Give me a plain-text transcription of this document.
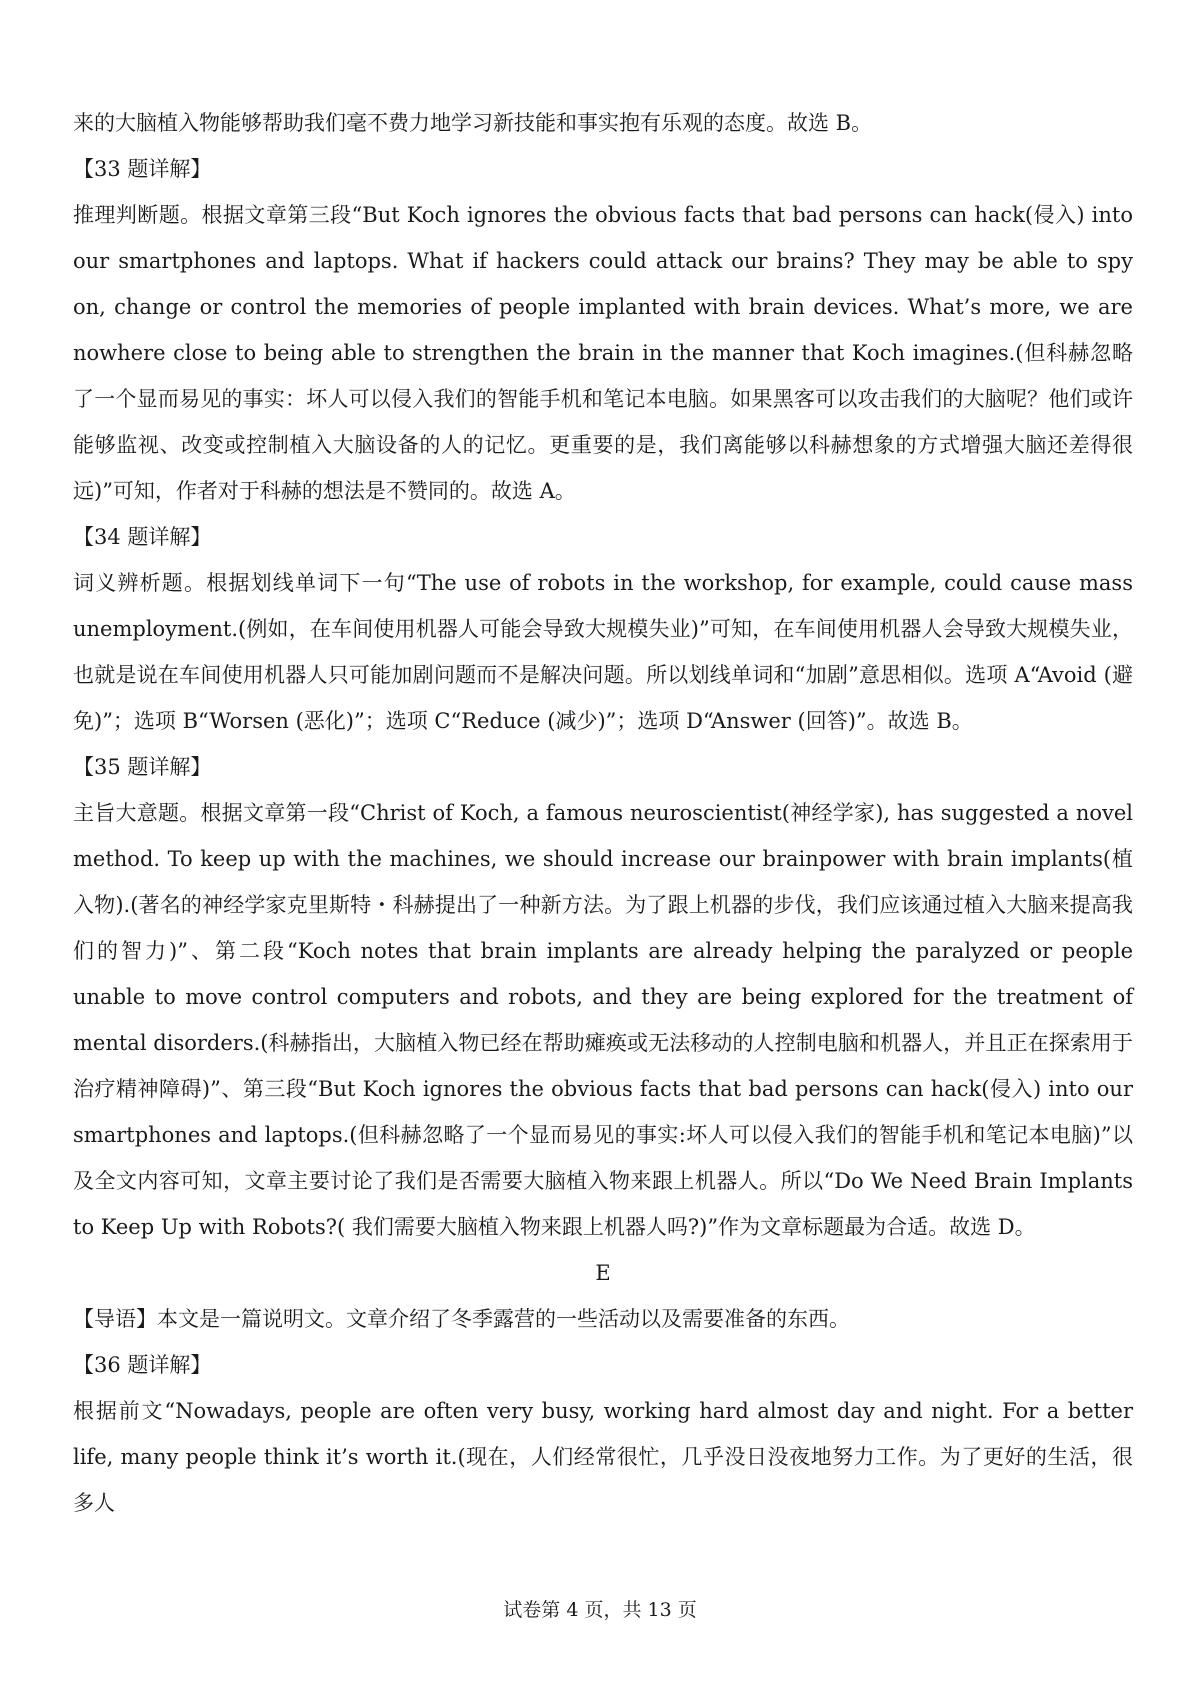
来的大脑植入物能够帮助我们毫不费力地学习新技能和事实抱有乐观的态度。故选 B。

【33 题详解】

推理判断题。根据文章第三段“But Koch ignores the obvious facts that bad persons can hack(侵入) into our smartphones and laptops. What if hackers could attack our brains? They may be able to spy on, change or control the memories of people implanted with brain devices. What’s more, we are nowhere close to being able to strengthen the brain in the manner that Koch imagines.(但科赫忽略了一个显而易见的事实：坏人可以侵入我们的智能手机和笔记本电脑。如果黑客可以攻击我们的大脑呢？他们或许能够监视、改变或控制植入大脑设备的人的记忆。更重要的是，我们离能够以科赫想象的方式增强大脑还差得很远)”可知，作者对于科赫的想法是不赞同的。故选 A。

【34 题详解】

词义辨析题。根据划线单词下一句“The use of robots in the workshop, for example, could cause mass unemployment.(例如，在车间使用机器人可能会导致大规模失业)”可知，在车间使用机器人会导致大规模失业，也就是说在车间使用机器人只可能加剧问题而不是解决问题。所以划线单词和“加剧”意思相似。选项 A“Avoid (避免)”；选项 B“Worsen (恶化)”；选项 C“Reduce (减少)”；选项 D“Answer (回答)”。故选 B。

【35 题详解】

主旨大意题。根据文章第一段“Christ of Koch, a famous neuroscientist(神经学家), has suggested a novel method. To keep up with the machines, we should increase our brainpower with brain implants(植入物).(著名的神经学家克里斯特・科赫提出了一种新方法。为了跟上机器的步伐，我们应该通过植入大脑来提高我们的智力)”、第二段“Koch notes that brain implants are already helping the paralyzed or people unable to move control computers and robots, and they are being explored for the treatment of mental disorders.(科赫指出，大脑植入物已经在帮助瘫痪或无法移动的人控制电脑和机器人，并且正在探索用于治疗精神障碍)”、第三段“But Koch ignores the obvious facts that bad persons can hack(侵入) into our smartphones and laptops.(但科赫忽略了一个显而易见的事实:坏人可以侵入我们的智能手机和笔记本电脑)”以及全文内容可知，文章主要讨论了我们是否需要大脑植入物来跟上机器人。所以“Do We Need Brain Implants to Keep Up with Robots?( 我们需要大脑植入物来跟上机器人吗?)”作为文章标题最为合适。故选 D。

E

【导语】本文是一篇说明文。文章介绍了冬季露营的一些活动以及需要准备的东西。

【36 题详解】

根据前文“Nowadays, people are often very busy, working hard almost day and night. For a better life, many people think it’s worth it.(现在，人们经常很忙，几乎没日没夜地努力工作。为了更好的生活，很多人

试卷第 4 页，共 13 页
